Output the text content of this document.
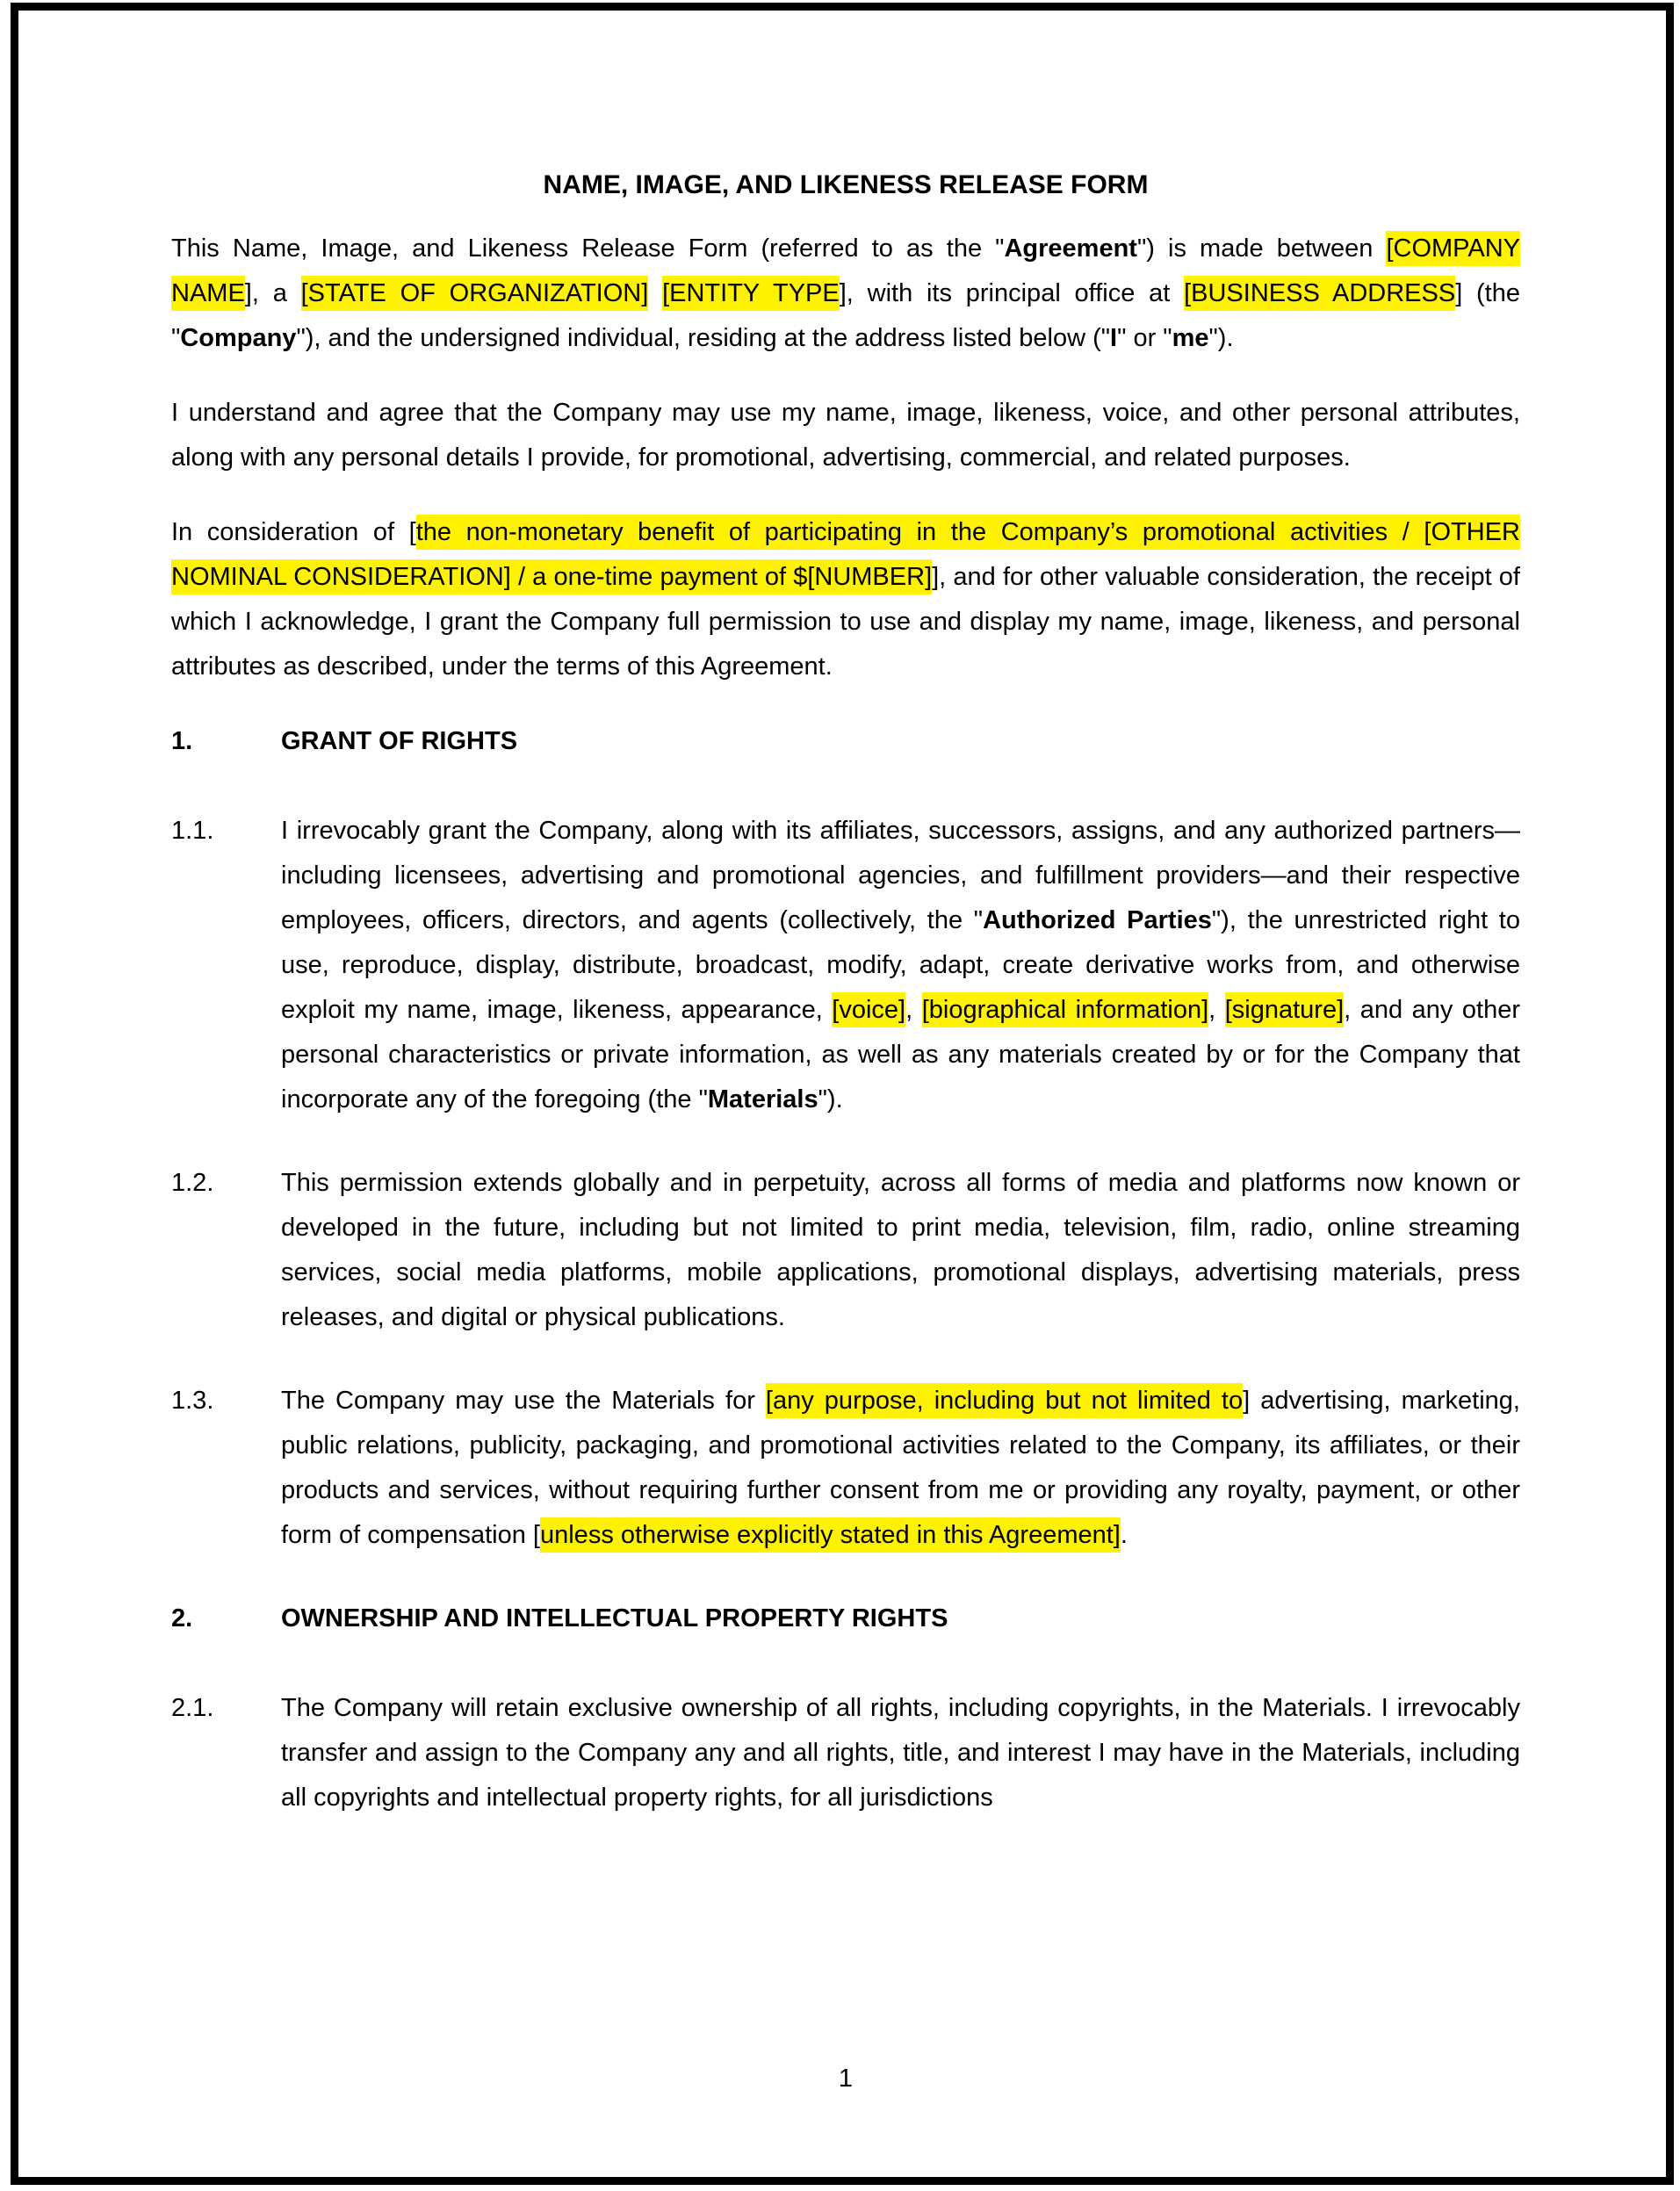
NAME, IMAGE, AND LIKENESS RELEASE FORM

This Name, Image, and Likeness Release Form (referred to as the "Agreement") is made between [COMPANY NAME], a [STATE OF ORGANIZATION] [ENTITY TYPE], with its principal office at [BUSINESS ADDRESS] (the "Company"), and the undersigned individual, residing at the address listed below ("I" or "me").

I understand and agree that the Company may use my name, image, likeness, voice, and other personal attributes, along with any personal details I provide, for promotional, advertising, commercial, and related purposes.

In consideration of [the non-monetary benefit of participating in the Company’s promotional activities / [OTHER NOMINAL CONSIDERATION] / a one-time payment of $[NUMBER]], and for other valuable consideration, the receipt of which I acknowledge, I grant the Company full permission to use and display my name, image, likeness, and personal attributes as described, under the terms of this Agreement.

1.	GRANT OF RIGHTS
1.1.	I irrevocably grant the Company, along with its affiliates, successors, assigns, and any authorized partners—including licensees, advertising and promotional agencies, and fulfillment providers—and their respective employees, officers, directors, and agents (collectively, the "Authorized Parties"), the unrestricted right to use, reproduce, display, distribute, broadcast, modify, adapt, create derivative works from, and otherwise exploit my name, image, likeness, appearance, [voice], [biographical information], [signature], and any other personal characteristics or private information, as well as any materials created by or for the Company that incorporate any of the foregoing (the "Materials").
1.2.	This permission extends globally and in perpetuity, across all forms of media and platforms now known or developed in the future, including but not limited to print media, television, film, radio, online streaming services, social media platforms, mobile applications, promotional displays, advertising materials, press releases, and digital or physical publications.
1.3.	The Company may use the Materials for [any purpose, including but not limited to] advertising, marketing, public relations, publicity, packaging, and promotional activities related to the Company, its affiliates, or their products and services, without requiring further consent from me or providing any royalty, payment, or other form of compensation [unless otherwise explicitly stated in this Agreement].
2.	OWNERSHIP AND INTELLECTUAL PROPERTY RIGHTS
2.1.	The Company will retain exclusive ownership of all rights, including copyrights, in the Materials. I irrevocably transfer and assign to the Company any and all rights, title, and interest I may have in the Materials, including all copyrights and intellectual property rights, for all jurisdictions
1
